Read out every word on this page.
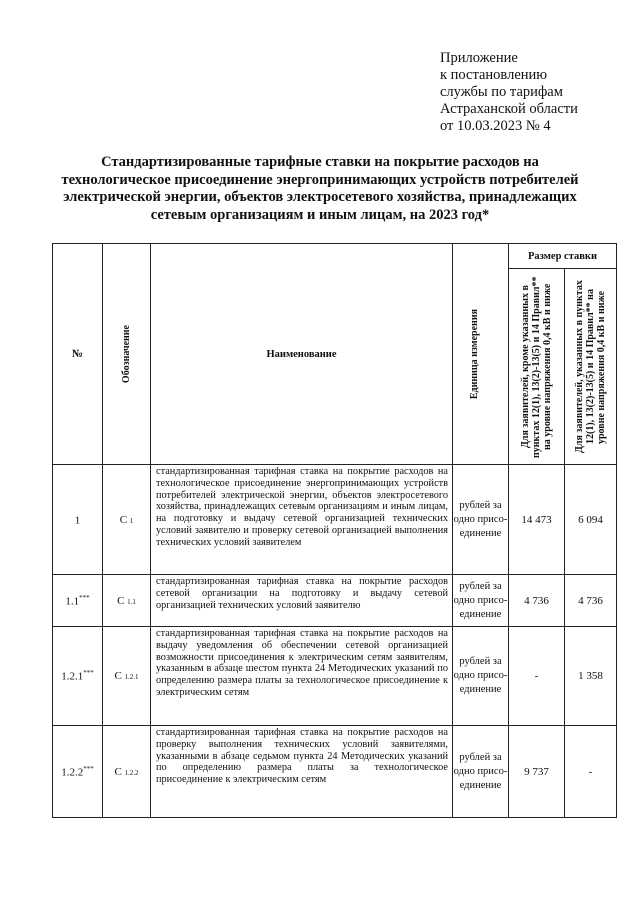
Приложение
к постановлению
службы по тарифам
Астраханской области
от 10.03.2023 № 4
Стандартизированные тарифные ставки на покрытие расходов на
технологическое присоединение энергопринимающих устройств потребителей
электрической энергии, объектов электросетевого хозяйства, принадлежащих
сетевым организациям и иным лицам, на 2023 год*
№	Обозначение	Наименование	Единица измерения	Размер ставки	

				Для заявителей, кроме указанных в пунктах 12(1), 13(2)-13(5) и 14 Правил** на уровне напряжения 0,4 кВ и ниже	Для заявителей, указанных в пунктах 12(1), 13(2)-13(5) и 14 Правил** на уровне напряжения 0,4 кВ и ниже

1	С 1	стандартизированная тарифная ставка на покрытие расходов на технологическое присоединение энергопринимающих устройств потребителей электрической энергии, объектов электросетевого хозяйства, принадлежащих сетевым организациям и иным лицам, на подготовку и выдачу сетевой организацией технических условий заявителю и проверку сетевой организацией выполнения технических условий заявителем	рублей за одно присо-единение	14 473	6 094
1.1***	С 1.1	стандартизированная тарифная ставка на покрытие расходов сетевой организации на подготовку и выдачу сетевой организацией технических условий заявителю	рублей за одно присо-единение	4 736	4 736
1.2.1***	С 1.2.1	стандартизированная тарифная ставка на покрытие расходов на выдачу уведомления об обеспечении сетевой организацией возможности присоединения к электрическим сетям заявителям, указанным в абзаце шестом пункта 24 Методических указаний по определению размера платы за технологическое присоединение к электрическим сетям	рублей за одно присо-единение	-	1 358
1.2.2***	С 1.2.2	стандартизированная тарифная ставка на покрытие расходов на проверку выполнения технических условий заявителями, указанными в абзаце седьмом пункта 24 Методических указаний по определению размера платы за технологическое присоединение к электрическим сетям	рублей за одно присо-единение	9 737	-
